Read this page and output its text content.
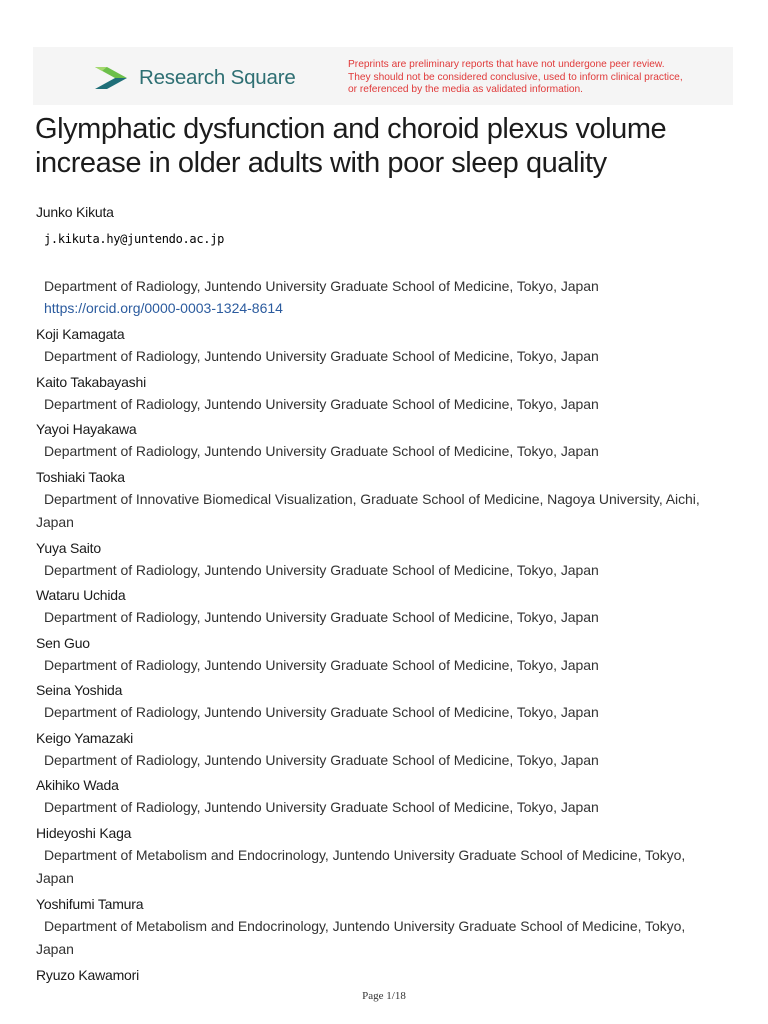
Research Square
Preprints are preliminary reports that have not undergone peer review.
They should not be considered conclusive, used to inform clinical practice,
or referenced by the media as validated information.
Glymphatic dysfunction and choroid plexus volume
increase in older adults with poor sleep quality
Junko Kikuta
j.kikuta.hy@juntendo.ac.jp
Department of Radiology, Juntendo University Graduate School of Medicine, Tokyo, Japan
https://orcid.org/0000-0003-1324-8614
Koji Kamagata
Department of Radiology, Juntendo University Graduate School of Medicine, Tokyo, Japan
Kaito Takabayashi
Department of Radiology, Juntendo University Graduate School of Medicine, Tokyo, Japan
Yayoi Hayakawa
Department of Radiology, Juntendo University Graduate School of Medicine, Tokyo, Japan
Toshiaki Taoka
Department of Innovative Biomedical Visualization, Graduate School of Medicine, Nagoya University, Aichi, Japan
Yuya Saito
Department of Radiology, Juntendo University Graduate School of Medicine, Tokyo, Japan
Wataru Uchida
Department of Radiology, Juntendo University Graduate School of Medicine, Tokyo, Japan
Sen Guo
Department of Radiology, Juntendo University Graduate School of Medicine, Tokyo, Japan
Seina Yoshida
Department of Radiology, Juntendo University Graduate School of Medicine, Tokyo, Japan
Keigo Yamazaki
Department of Radiology, Juntendo University Graduate School of Medicine, Tokyo, Japan
Akihiko Wada
Department of Radiology, Juntendo University Graduate School of Medicine, Tokyo, Japan
Hideyoshi Kaga
Department of Metabolism and Endocrinology, Juntendo University Graduate School of Medicine, Tokyo, Japan
Yoshifumi Tamura
Department of Metabolism and Endocrinology, Juntendo University Graduate School of Medicine, Tokyo, Japan
Ryuzo Kawamori
Page 1/18
